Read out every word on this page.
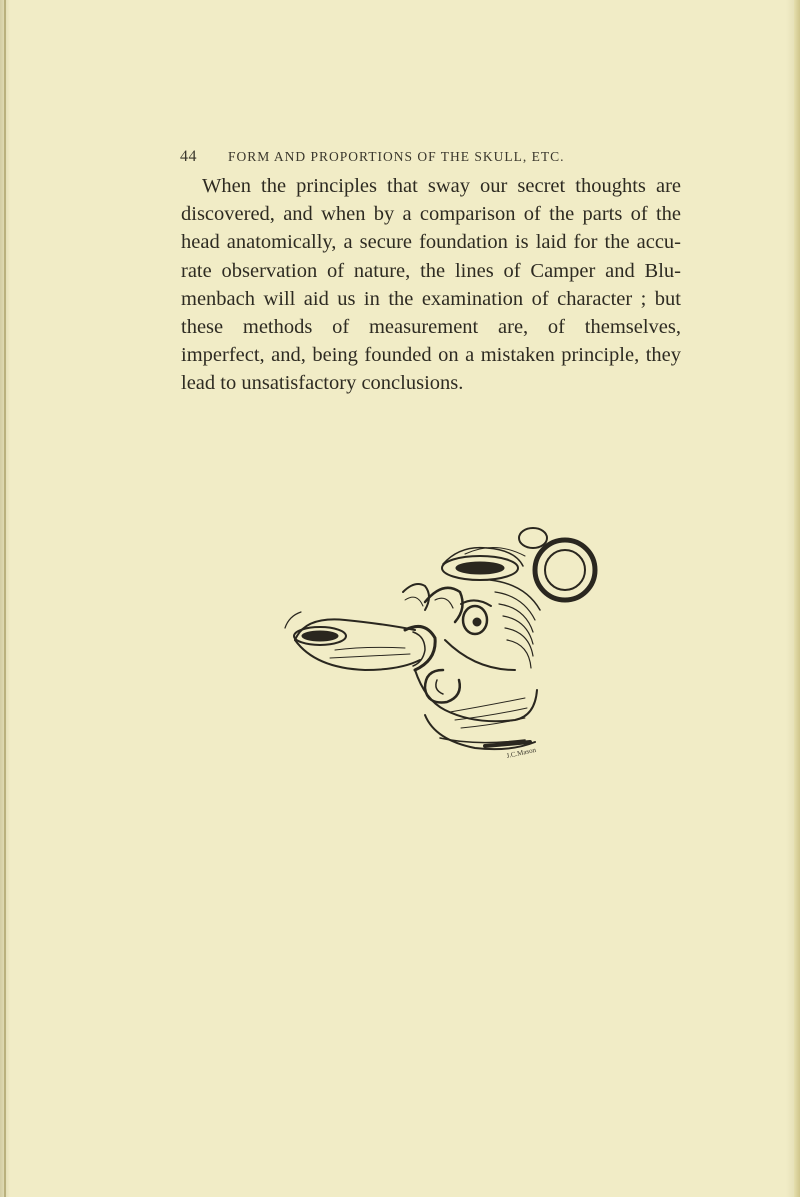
44 FORM AND PROPORTIONS OF THE SKULL, ETC.

When the principles that sway our secret thoughts are discovered, and when by a comparison of the parts of the head anatomically, a secure foundation is laid for the accu-rate observation of nature, the lines of Camper and Blu-menbach will aid us in the examination of character ; but these methods of measurement are, of themselves, imperfect, and, being founded on a mistaken principle, they lead to unsatisfactory conclusions.

J.C.Mason
